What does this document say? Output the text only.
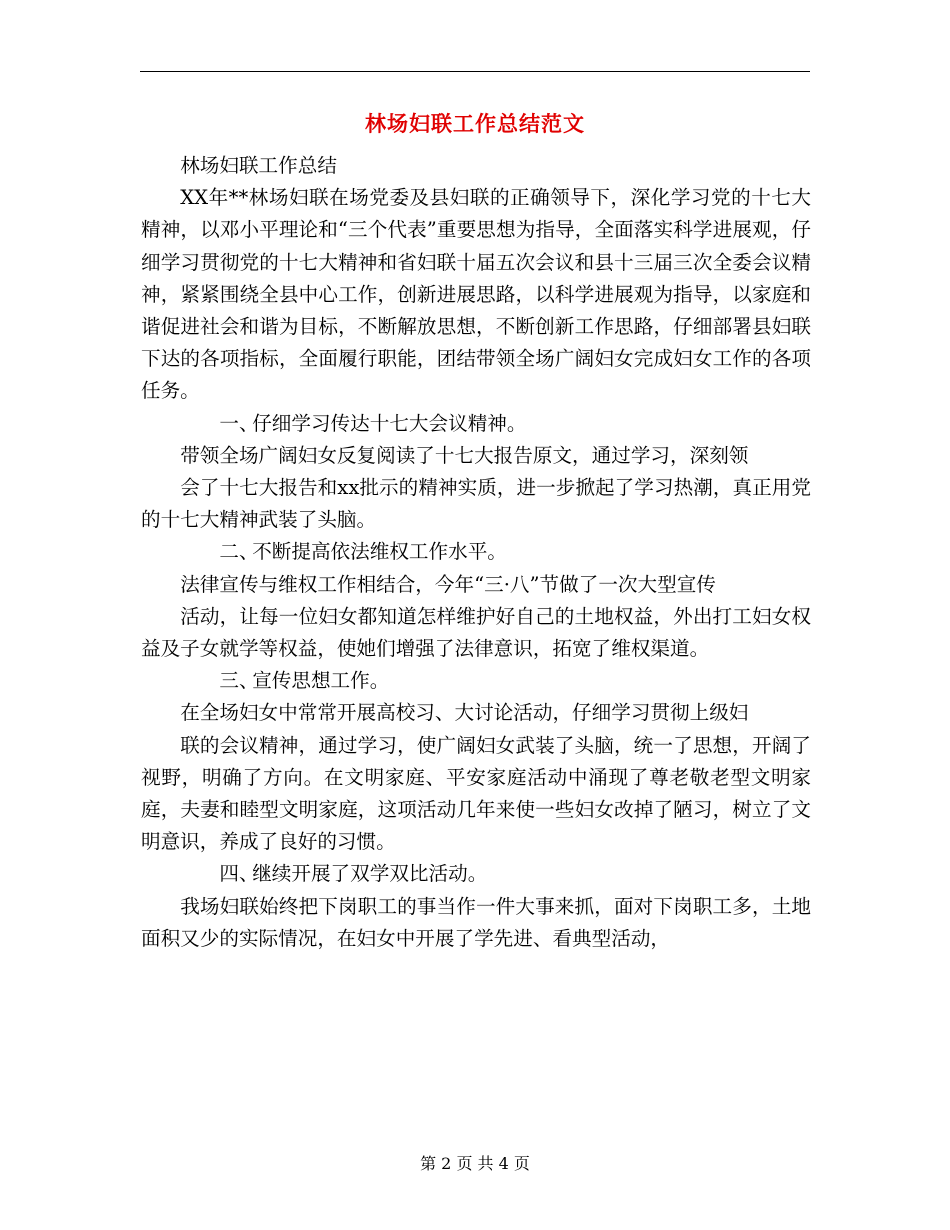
林场妇联工作总结范文

林场妇联工作总结

XX年**林场妇联在场党委及县妇联的正确领导下，深化学习党的十七大精神，以邓小平理论和“三个代表”重要思想为指导，全面落实科学进展观，仔细学习贯彻党的十七大精神和省妇联十届五次会议和县十三届三次全委会议精神，紧紧围绕全县中心工作，创新进展思路，以科学进展观为指导，以家庭和谐促进社会和谐为目标，不断解放思想，不断创新工作思路，仔细部署县妇联下达的各项指标，全面履行职能，团结带领全场广阔妇女完成妇女工作的各项任务。

一、仔细学习传达十七大会议精神。

带领全场广阔妇女反复阅读了十七大报告原文，通过学习，深刻领

会了十七大报告和xx批示的精神实质，进一步掀起了学习热潮，真正用党的十七大精神武装了头脑。

二、不断提高依法维权工作水平。

法律宣传与维权工作相结合，今年“三·八”节做了一次大型宣传

活动，让每一位妇女都知道怎样维护好自己的土地权益，外出打工妇女权益及子女就学等权益，使她们增强了法律意识，拓宽了维权渠道。

三、宣传思想工作。

在全场妇女中常常开展高校习、大讨论活动，仔细学习贯彻上级妇

联的会议精神，通过学习，使广阔妇女武装了头脑，统一了思想，开阔了视野，明确了方向。在文明家庭、平安家庭活动中涌现了尊老敬老型文明家庭，夫妻和睦型文明家庭，这项活动几年来使一些妇女改掉了陋习，树立了文明意识，养成了良好的习惯。

四、继续开展了双学双比活动。

我场妇联始终把下岗职工的事当作一件大事来抓，面对下岗职工多，土地面积又少的实际情况，在妇女中开展了学先进、看典型活动，

第 2 页 共 4 页
